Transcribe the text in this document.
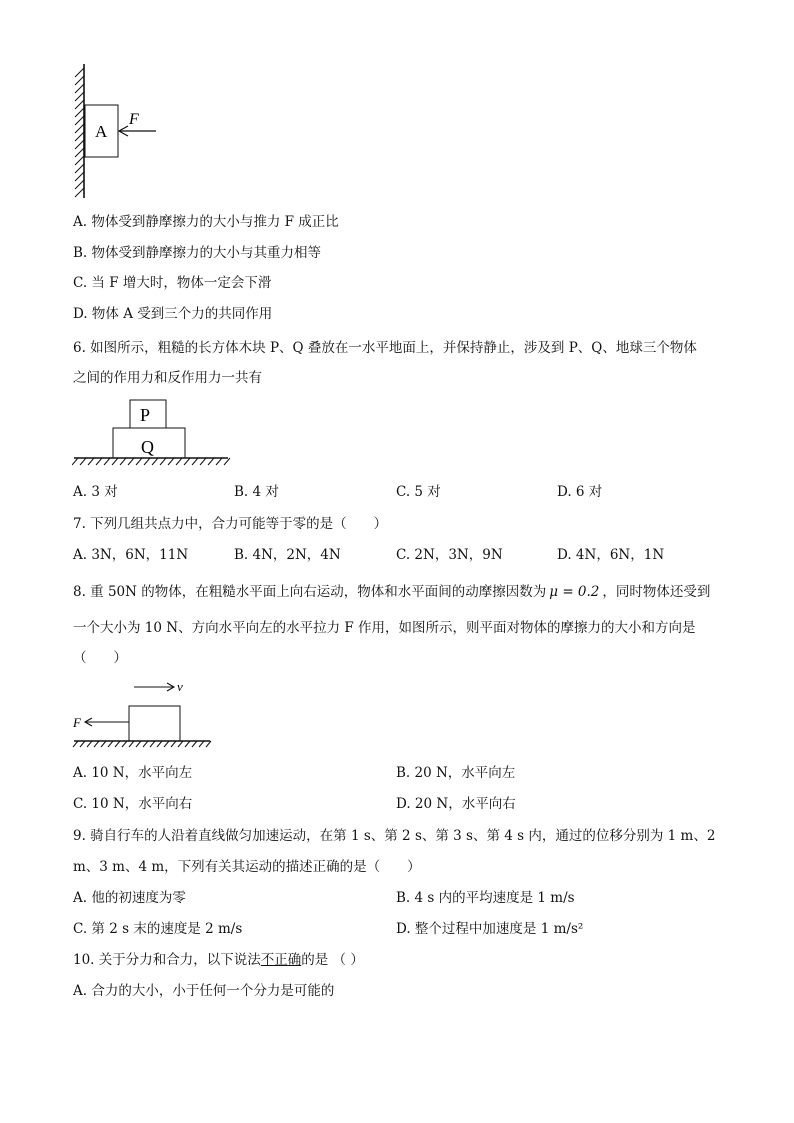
A
F
A. 物体受到静摩擦力的大小与推力 F 成正比
B. 物体受到静摩擦力的大小与其重力相等
C. 当 F 增大时，物体一定会下滑
D. 物体 A 受到三个力的共同作用
6. 如图所示，粗糙的长方体木块 P、Q 叠放在一水平地面上，并保持静止，涉及到 P、Q、地球三个物体
之间的作用力和反作用力一共有
P
Q
A. 3 对	B. 4 对	C. 5 对	D. 6 对
7. 下列几组共点力中，合力可能等于零的是（　　）
A. 3N，6N，11N	B. 4N，2N，4N	C. 2N，3N，9N	D. 4N，6N，1N
8. 重 50N 的物体，在粗糙水平面上向右运动，物体和水平面间的动摩擦因数为 μ = 0.2 ，同时物体还受到
一个大小为 10 N、方向水平向左的水平拉力 F 作用，如图所示，则平面对物体的摩擦力的大小和方向是
（　　）
v
F
A. 10 N，水平向左	B. 20 N，水平向左
C. 10 N，水平向右	D. 20 N，水平向右
9. 骑自行车的人沿着直线做匀加速运动，在第 1 s、第 2 s、第 3 s、第 4 s 内，通过的位移分别为 1 m、2
m、3 m、4 m，下列有关其运动的描述正确的是（　　）
A. 他的初速度为零	B. 4 s 内的平均速度是 1 m/s
C. 第 2 s 末的速度是 2 m/s	D. 整个过程中加速度是 1 m/s²
10. 关于分力和合力，以下说法不正确的是 （ ）
A. 合力的大小，小于任何一个分力是可能的
